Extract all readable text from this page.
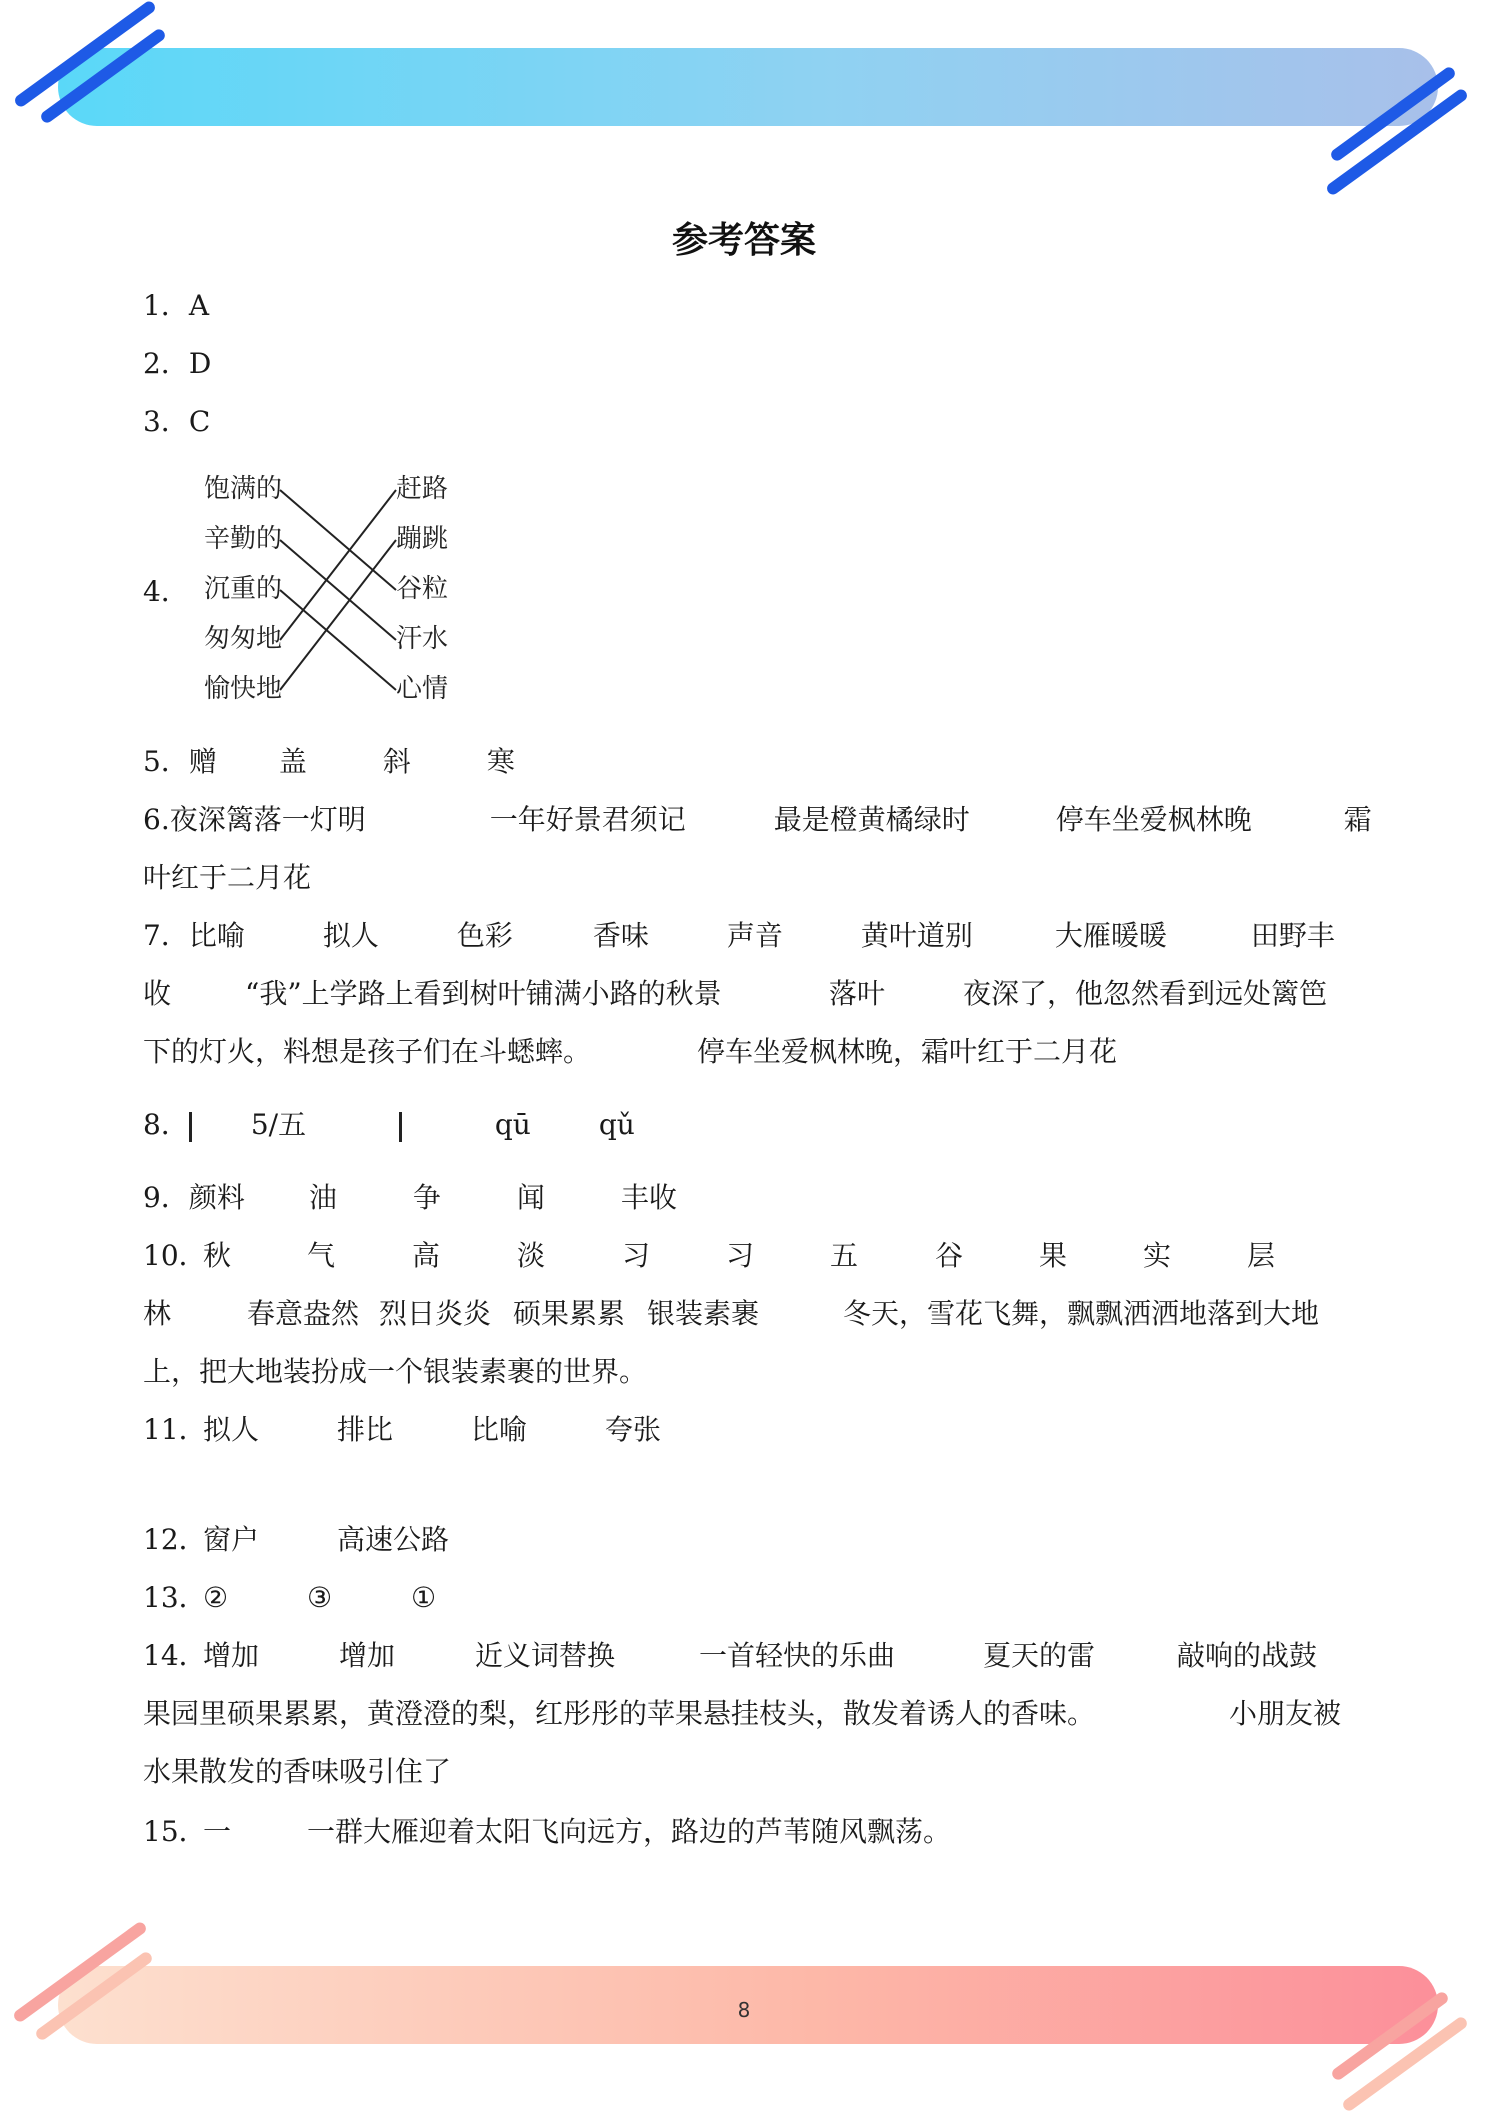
参考答案
1．A
2．D
3．C
4．
饱满的
辛勤的
沉重的
匆匆地
愉快地
赶路
蹦跳
谷粒
汗水
心情
5．赠 盖	斜	寒
6.夜深篱落一灯明	一年好景君须记	最是橙黄橘绿时	停车坐爱枫林晚	霜
叶红于二月花
7．比喻	拟人	色彩	香味	声音	黄叶道别	大雁暖暖	田野丰
收	“我”上学路上看到树叶铺满小路的秋景	落叶	夜深了，他忽然看到远处篱笆
下的灯火，料想是孩子们在斗蟋蟀。	停车坐爱枫林晚，霜叶红于二月花
8． 5/五	qū qǔ
9．颜料 油	争	闻	丰收
10．秋	气	高	淡	习	习	五	谷	果	实	层
林	春意盎然 烈日炎炎 硕果累累 银装素裹	冬天，雪花飞舞，飘飘洒洒地落到大地
上，把大地装扮成一个银装素裹的世界。
11．拟人	排比	比喻	夸张
12．窗户	高速公路
13．②	③	①
14．增加	增加	近义词替换	一首轻快的乐曲	夏天的雷	敲响的战鼓
果园里硕果累累，黄澄澄的梨，红彤彤的苹果悬挂枝头，散发着诱人的香味。	小朋友被
水果散发的香味吸引住了
15．一	一群大雁迎着太阳飞向远方，路边的芦苇随风飘荡。
8
